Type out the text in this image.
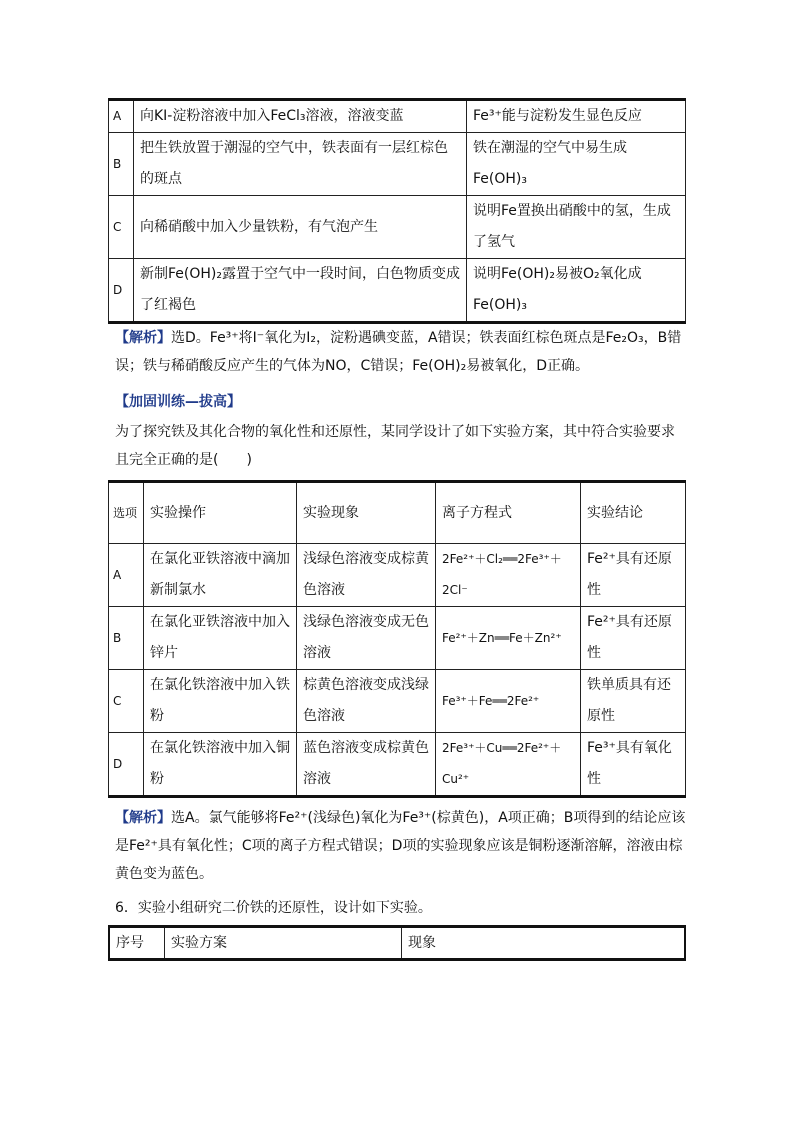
A	向KI-淀粉溶液中加入FeCl₃溶液，溶液变蓝	Fe³⁺能与淀粉发生显色反应
B	把生铁放置于潮湿的空气中，铁表面有一层红棕色的斑点	铁在潮湿的空气中易生成Fe(OH)₃
C	向稀硝酸中加入少量铁粉，有气泡产生	说明Fe置换出硝酸中的氢，生成了氢气
D	新制Fe(OH)₂露置于空气中一段时间，白色物质变成了红褐色	说明Fe(OH)₂易被O₂氧化成Fe(OH)₃
【解析】选D。Fe³⁺将I⁻氧化为I₂，淀粉遇碘变蓝，A错误；铁表面红棕色斑点是Fe₂O₃，B错误；铁与稀硝酸反应产生的气体为NO，C错误；Fe(OH)₂易被氧化，D正确。
【加固训练—拔高】
为了探究铁及其化合物的氧化性和还原性，某同学设计了如下实验方案，其中符合实验要求且完全正确的是(　　)
选项	实验操作	实验现象	离子方程式	实验结论
A	在氯化亚铁溶液中滴加新制氯水	浅绿色溶液变成棕黄色溶液	2Fe²⁺＋Cl₂══2Fe³⁺＋2Cl⁻	Fe²⁺具有还原性
B	在氯化亚铁溶液中加入锌片	浅绿色溶液变成无色溶液	Fe²⁺＋Zn══Fe＋Zn²⁺	Fe²⁺具有还原性
C	在氯化铁溶液中加入铁粉	棕黄色溶液变成浅绿色溶液	Fe³⁺＋Fe══2Fe²⁺	铁单质具有还原性
D	在氯化铁溶液中加入铜粉	蓝色溶液变成棕黄色溶液	2Fe³⁺＋Cu══2Fe²⁺＋Cu²⁺	Fe³⁺具有氧化性
【解析】选A。氯气能够将Fe²⁺(浅绿色)氧化为Fe³⁺(棕黄色)，A项正确；B项得到的结论应该是Fe²⁺具有氧化性；C项的离子方程式错误；D项的实验现象应该是铜粉逐渐溶解，溶液由棕黄色变为蓝色。
6．实验小组研究二价铁的还原性，设计如下实验。
序号	实验方案	现象
